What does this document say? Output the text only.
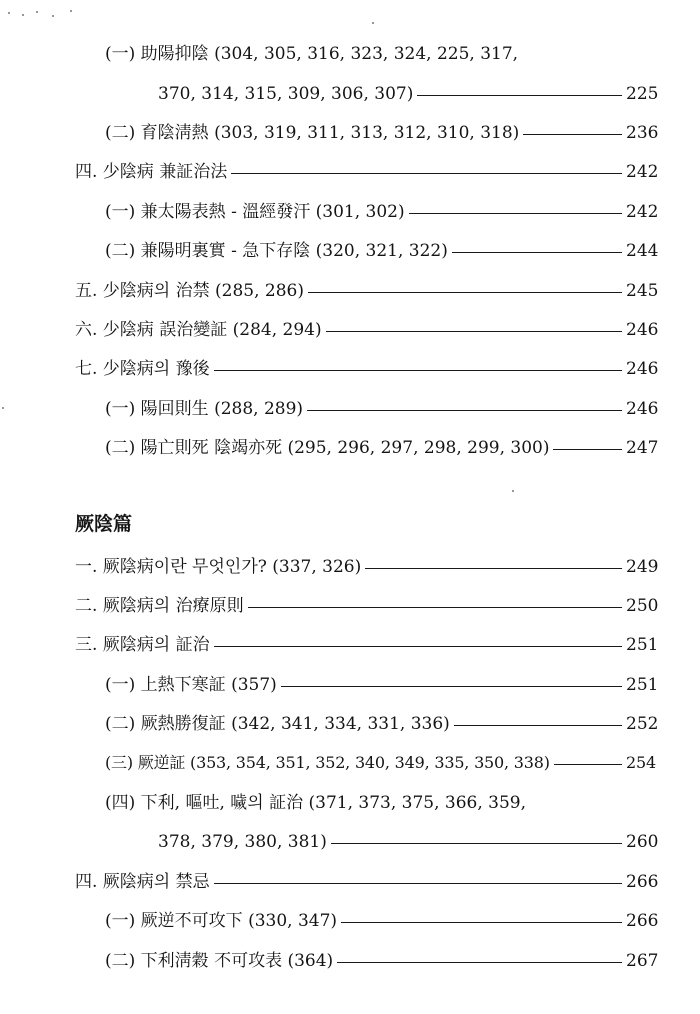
(一) 助陽抑陰 (304, 305, 316, 323, 324, 225, 317,
370, 314, 315, 309, 306, 307)	225
(二) 育陰淸熱 (303, 319, 311, 313, 312, 310, 318)	236
四. 少陰病 兼証治法	242
(一) 兼太陽表熱 - 溫經發汗 (301, 302)	242
(二) 兼陽明裏實 - 急下存陰 (320, 321, 322)	244
五. 少陰病의 治禁 (285, 286)	245
六. 少陰病 誤治變証 (284, 294)	246
七. 少陰病의 豫後	246
(一) 陽回則生 (288, 289)	246
(二) 陽亡則死 陰竭亦死 (295, 296, 297, 298, 299, 300)	247
厥陰篇
一. 厥陰病이란 무엇인가? (337, 326)	249
二. 厥陰病의 治療原則	250
三. 厥陰病의 証治	251
(一) 上熱下寒証 (357)	251
(二) 厥熱勝復証 (342, 341, 334, 331, 336)	252
(三) 厥逆証 (353, 354, 351, 352, 340, 349, 335, 350, 338)	254
(四) 下利, 嘔吐, 噦의 証治 (371, 373, 375, 366, 359,
378, 379, 380, 381)	260
四. 厥陰病의 禁忌	266
(一) 厥逆不可攻下 (330, 347)	266
(二) 下利淸穀 不可攻表 (364)	267
